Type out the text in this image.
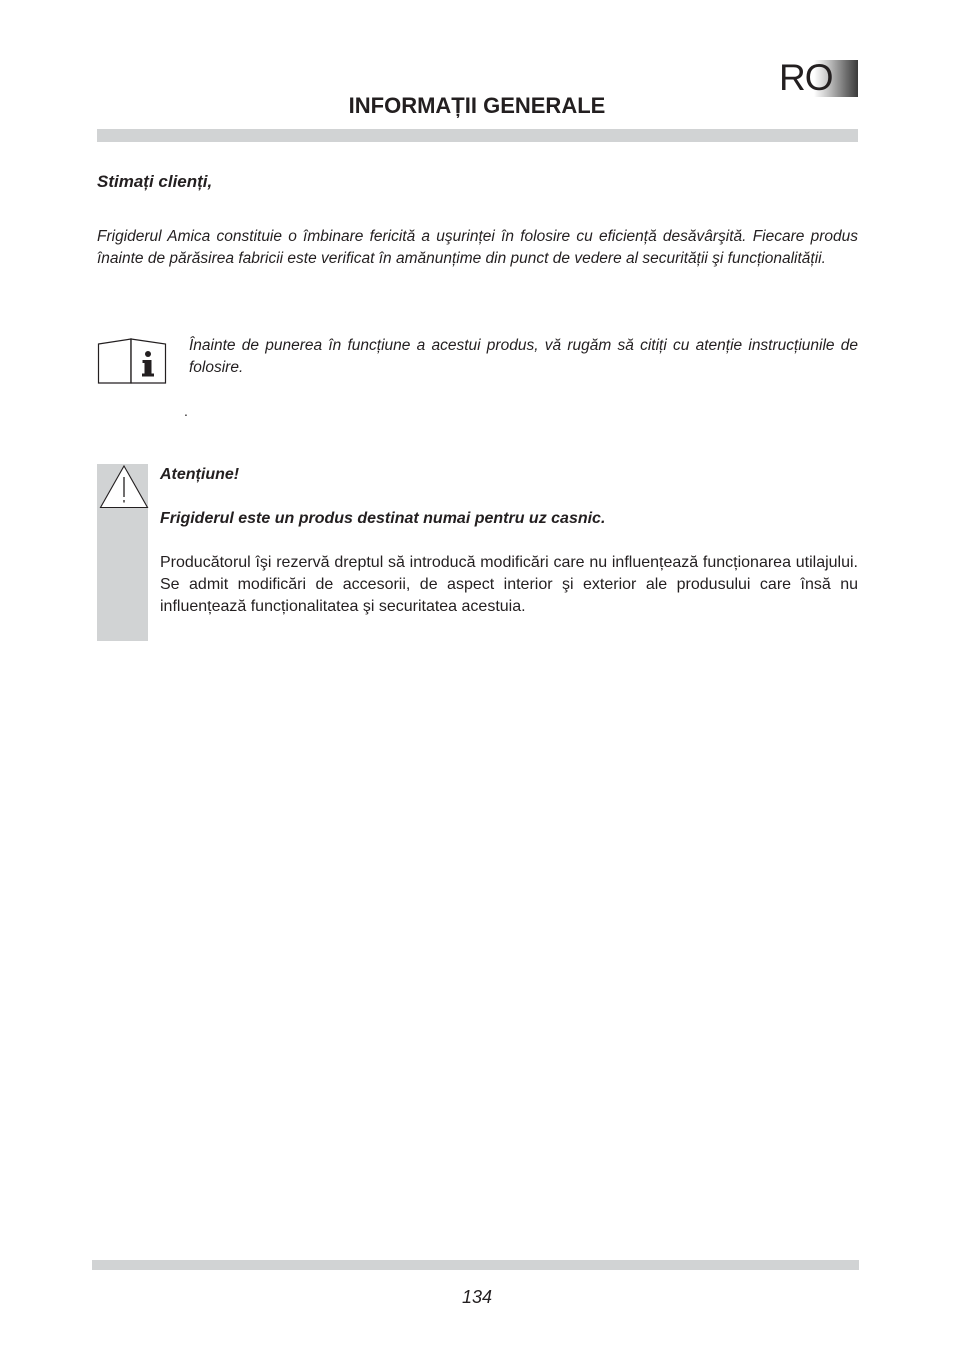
RO
INFORMAȚII GENERALE
Stimați clienți,
Frigiderul Amica constituie o îmbinare fericită a uşurinței în folosire cu eficiență desăvârşită. Fiecare produs înainte de părăsirea fabricii este verificat în amănunțime din punct de vedere al securității şi funcționalității.
Înainte de punerea în funcțiune a acestui produs, vă rugăm să citiți cu atenție instrucțiunile de folosire.
.
Atențiune!
Frigiderul este un produs destinat numai pentru uz casnic.
Producătorul îşi rezervă dreptul să introducă modificări care nu influențează funcționarea utilajului. Se admit modificări de accesorii, de aspect interior şi exterior ale produsului care însă nu influențează funcționalitatea şi securitatea acestuia.
134
